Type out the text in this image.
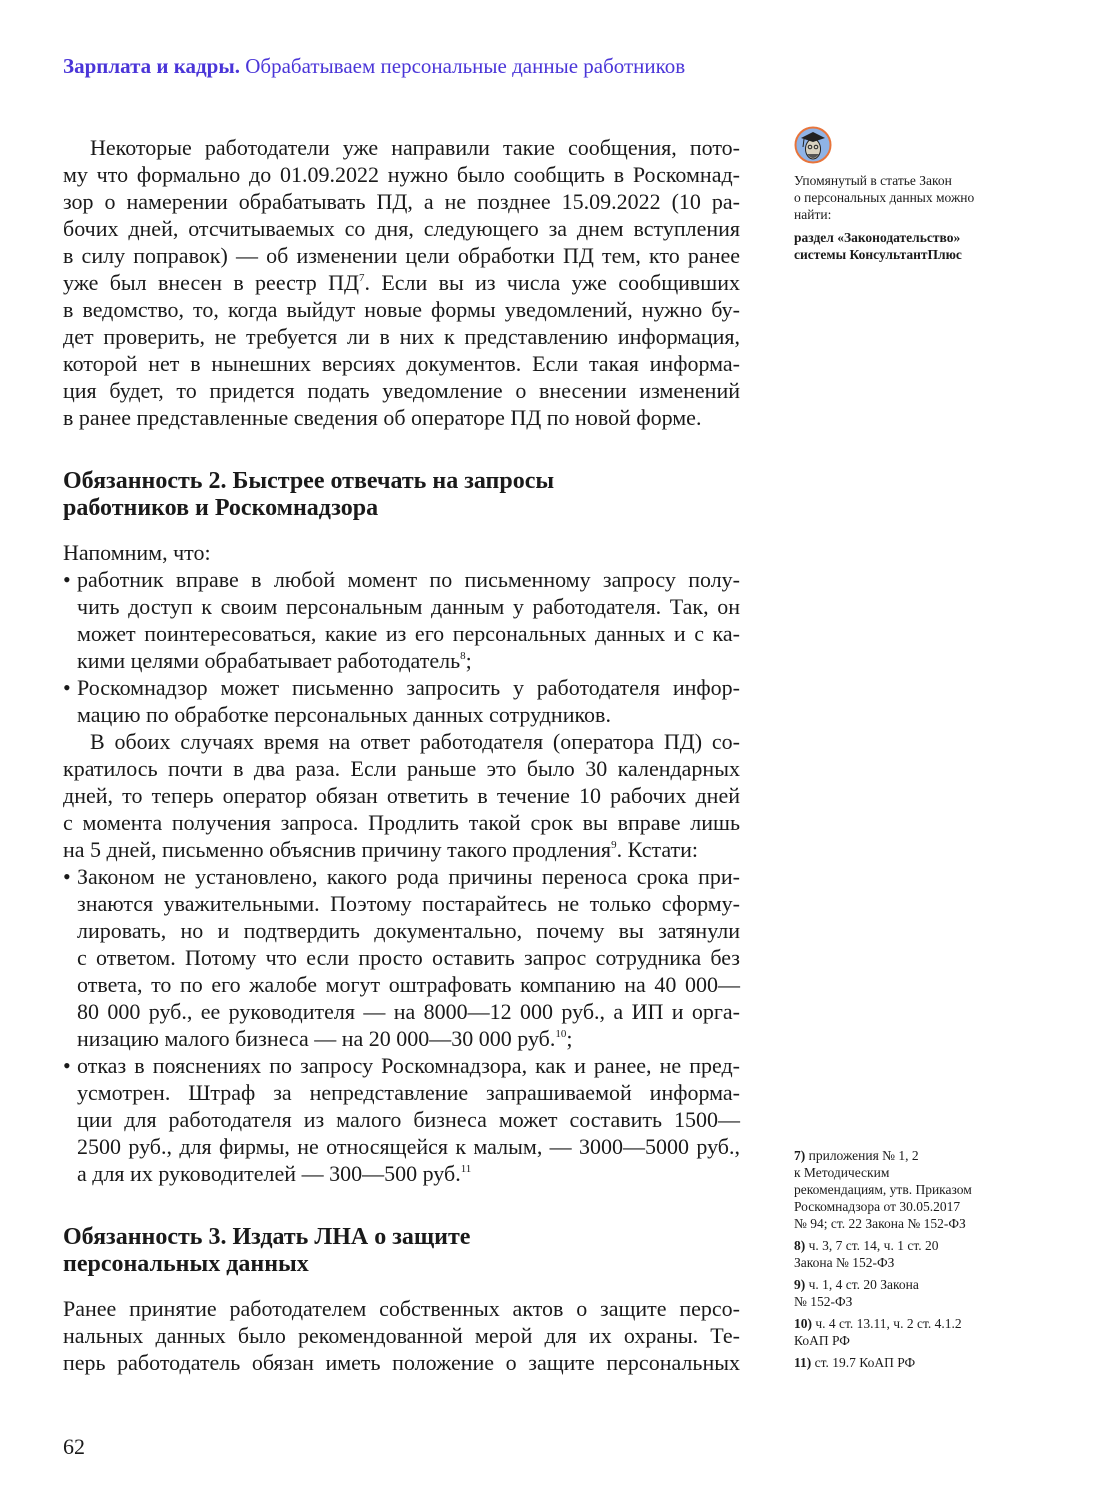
Зарплата и кадры. Обрабатываем персональные данные работников
Некоторые работодатели уже направили такие сообщения, пото-
му что формально до 01.09.2022 нужно было сообщить в Роскомнад-
зор о намерении обрабатывать ПД, а не позднее 15.09.2022 (10 ра-
бочих дней, отсчитываемых со дня, следующего за днем вступления
в силу поправок) — об изменении цели обработки ПД тем, кто ранее
уже был внесен в реестр $ПД^7$. Если вы из числа уже сообщивших
в ведомство, то, когда выйдут новые формы уведомлений, нужно бу-
дет проверить, не требуется ли в них к представлению информация,
которой нет в нынешних версиях документов. Если такая информа-
ция будет, то придется подать уведомление о внесении изменений
в ранее представленные сведения об операторе ПД по новой форме.
Обязанность 2. Быстрее отвечать на запросы
работников и Роскомнадзора
Напомним, что:
• работник вправе в любой момент по письменному запросу полу-
чить доступ к своим персональным данным у работодателя. Так, он
может поинтересоваться, какие из его персональных данных и с ка-
кими целями обрабатывает работодатель$^8$;
• Роскомнадзор может письменно запросить у работодателя инфор-
мацию по обработке персональных данных сотрудников.
В обоих случаях время на ответ работодателя (оператора ПД) со-
кратилось почти в два раза. Если раньше это было 30 календарных
дней, то теперь оператор обязан ответить в течение 10 рабочих дней
с момента получения запроса. Продлить такой срок вы вправе лишь
на 5 дней, письменно объяснив причину такого продления$^9$. Кстати:
• Законом не установлено, какого рода причины переноса срока при-
знаются уважительными. Поэтому постарайтесь не только сформу-
лировать, но и подтвердить документально, почему вы затянули
с ответом. Потому что если просто оставить запрос сотрудника без
ответа, то по его жалобе могут оштрафовать компанию на 40 000—
80 000 руб., ее руководителя — на 8000—12 000 руб., а ИП и орга-
низацию малого бизнеса — на 20 000—30 000 руб.$^{10}$;
• отказ в пояснениях по запросу Роскомнадзора, как и ранее, не пред-
усмотрен. Штраф за непредставление запрашиваемой информа-
ции для работодателя из малого бизнеса может составить 1500—
2500 руб., для фирмы, не относящейся к малым, — 3000—5000 руб.,
а для их руководителей — 300—500 руб.$^{11}$
Обязанность 3. Издать ЛНА о защите
персональных данных
Ранее принятие работодателем собственных актов о защите персо-
нальных данных было рекомендованной мерой для их охраны. Те-
перь работодатель обязан иметь положение о защите персональных
Упомянутый в статье Закон
о персональных данных можно
найти:
раздел «Законодательство»
системы КонсультантПлюс
7) приложения № 1, 2
к Методическим
рекомендациям, утв. Приказом
Роскомнадзора от 30.05.2017
№ 94; ст. 22 Закона № 152-ФЗ
8) ч. 3, 7 ст. 14, ч. 1 ст. 20
Закона № 152-ФЗ
9) ч. 1, 4 ст. 20 Закона
№ 152-ФЗ
10) ч. 4 ст. 13.11, ч. 2 ст. 4.1.2
КоАП РФ
11) ст. 19.7 КоАП РФ
62
